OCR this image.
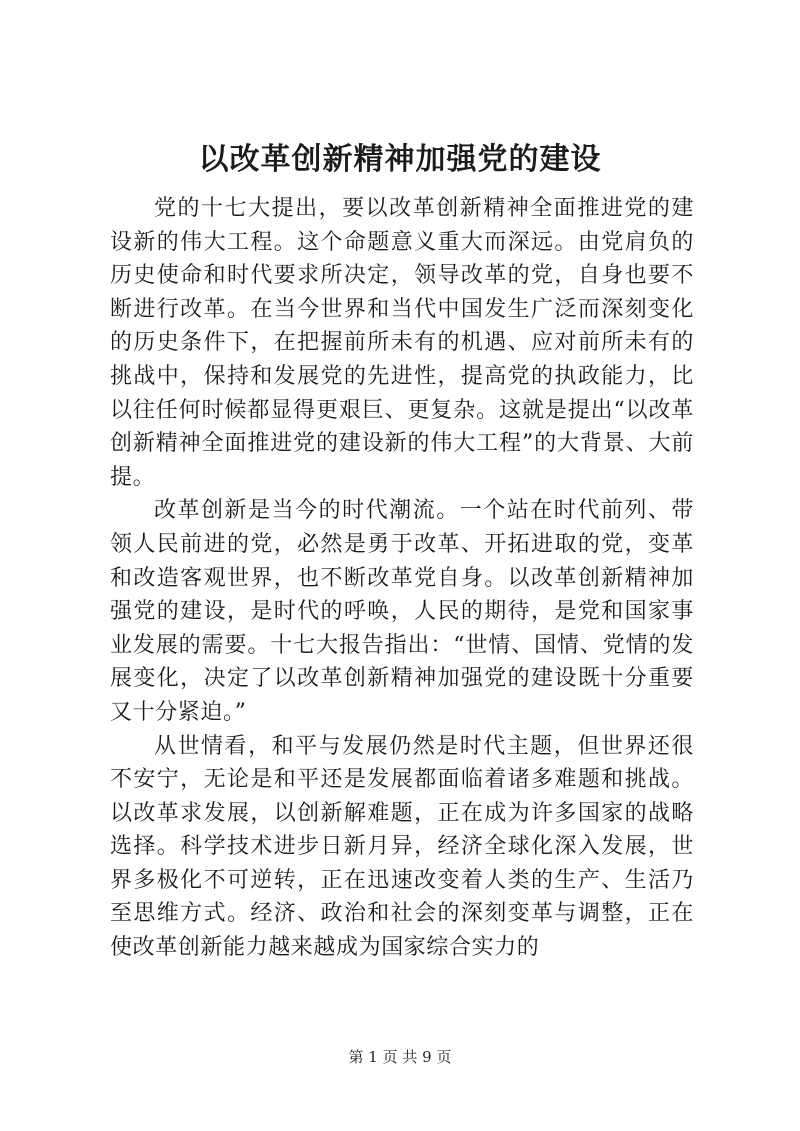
以改革创新精神加强党的建设

党的十七大提出，要以改革创新精神全面推进党的建设新的伟大工程。这个命题意义重大而深远。由党肩负的历史使命和时代要求所决定，领导改革的党，自身也要不断进行改革。在当今世界和当代中国发生广泛而深刻变化的历史条件下，在把握前所未有的机遇、应对前所未有的挑战中，保持和发展党的先进性，提高党的执政能力，比以往任何时候都显得更艰巨、更复杂。这就是提出“以改革创新精神全面推进党的建设新的伟大工程”的大背景、大前提。

改革创新是当今的时代潮流。一个站在时代前列、带领人民前进的党，必然是勇于改革、开拓进取的党，变革和改造客观世界，也不断改革党自身。以改革创新精神加强党的建设，是时代的呼唤，人民的期待，是党和国家事业发展的需要。十七大报告指出：“世情、国情、党情的发展变化，决定了以改革创新精神加强党的建设既十分重要又十分紧迫。”

从世情看，和平与发展仍然是时代主题，但世界还很不安宁，无论是和平还是发展都面临着诸多难题和挑战。以改革求发展，以创新解难题，正在成为许多国家的战略选择。科学技术进步日新月异，经济全球化深入发展，世界多极化不可逆转，正在迅速改变着人类的生产、生活乃至思维方式。经济、政治和社会的深刻变革与调整，正在使改革创新能力越来越成为国家综合实力的

第 1 页 共 9 页
